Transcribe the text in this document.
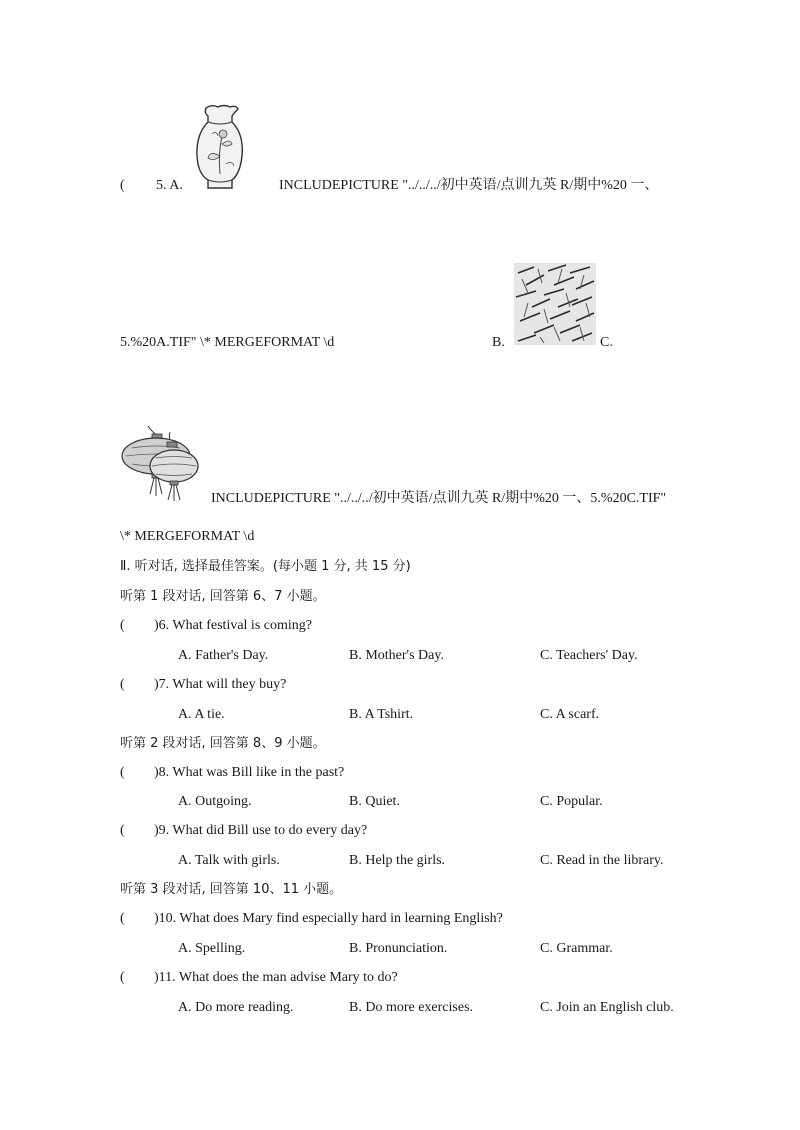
( 5. A.	INCLUDEPICTURE "../../../初中英语/点训九英 R/期中%20 一、
5.%20A.TIF" \* MERGEFORMAT \d	B.	C.
INCLUDEPICTURE "../../../初中英语/点训九英 R/期中%20 一、5.%20C.TIF"
\* MERGEFORMAT \d
Ⅱ. 听对话, 选择最佳答案。(每小题 1 分, 共 15 分)
听第 1 段对话, 回答第 6、7 小题。
( )6. What festival is coming?
A. Father's Day.	B. Mother's Day.	C. Teachers' Day.
( )7. What will they buy?
A. A tie.	B. A Tshirt.	C. A scarf.
听第 2 段对话, 回答第 8、9 小题。
( )8. What was Bill like in the past?
A. Outgoing.	B. Quiet.	C. Popular.
( )9. What did Bill use to do every day?
A. Talk with girls.	B. Help the girls.	C. Read in the library.
听第 3 段对话, 回答第 10、11 小题。
( )10. What does Mary find especially hard in learning English?
A. Spelling.	B. Pronunciation.	C. Grammar.
( )11. What does the man advise Mary to do?
A. Do more reading.	B. Do more exercises.	C. Join an English club.
